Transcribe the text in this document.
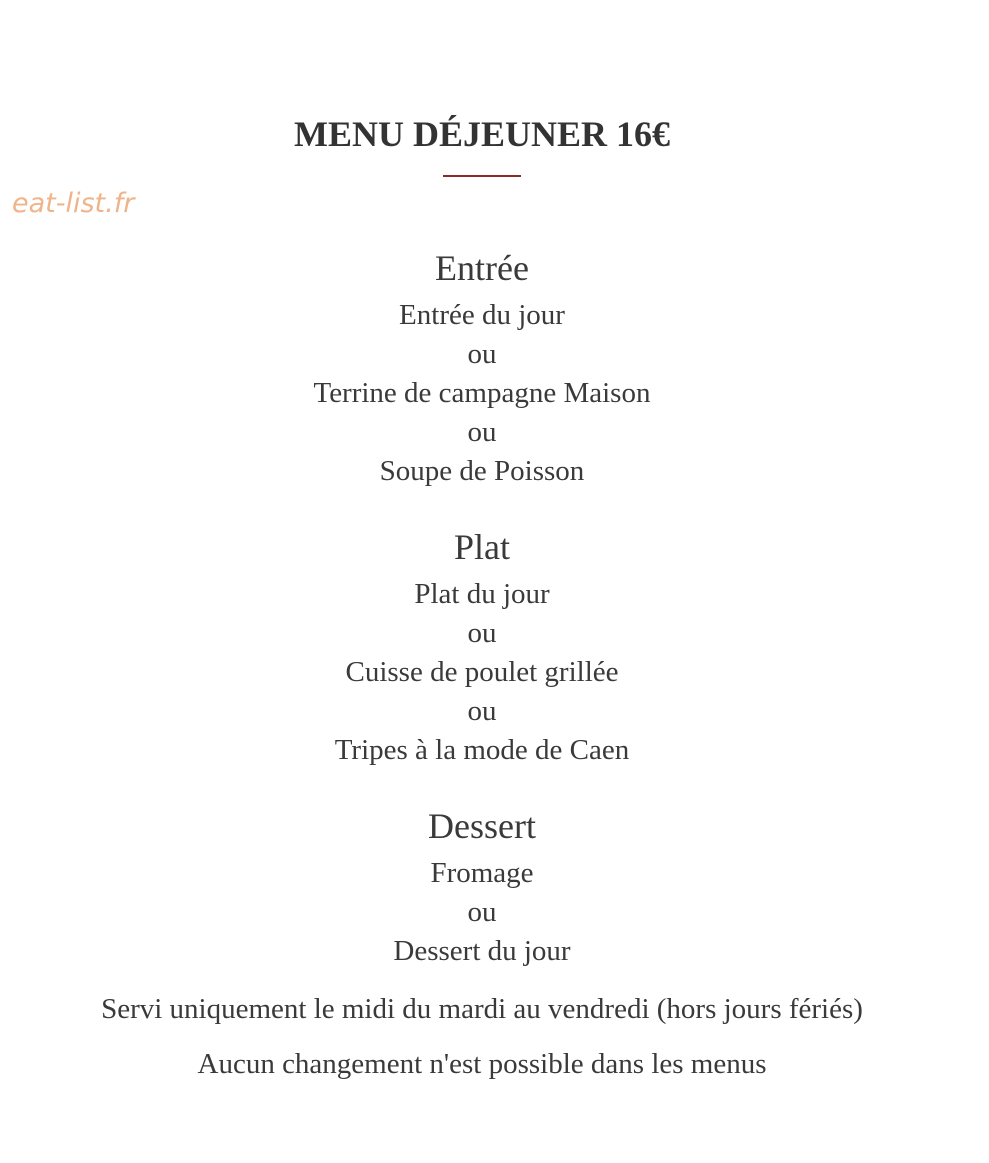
eat-list.fr
MENU DÉJEUNER 16€
Entrée
Entrée du jour
ou
Terrine de campagne Maison
ou
Soupe de Poisson
Plat
Plat du jour
ou
Cuisse de poulet grillée
ou
Tripes à la mode de Caen
Dessert
Fromage
ou
Dessert du jour
Servi uniquement le midi du mardi au vendredi (hors jours fériés)
Aucun changement n'est possible dans les menus
